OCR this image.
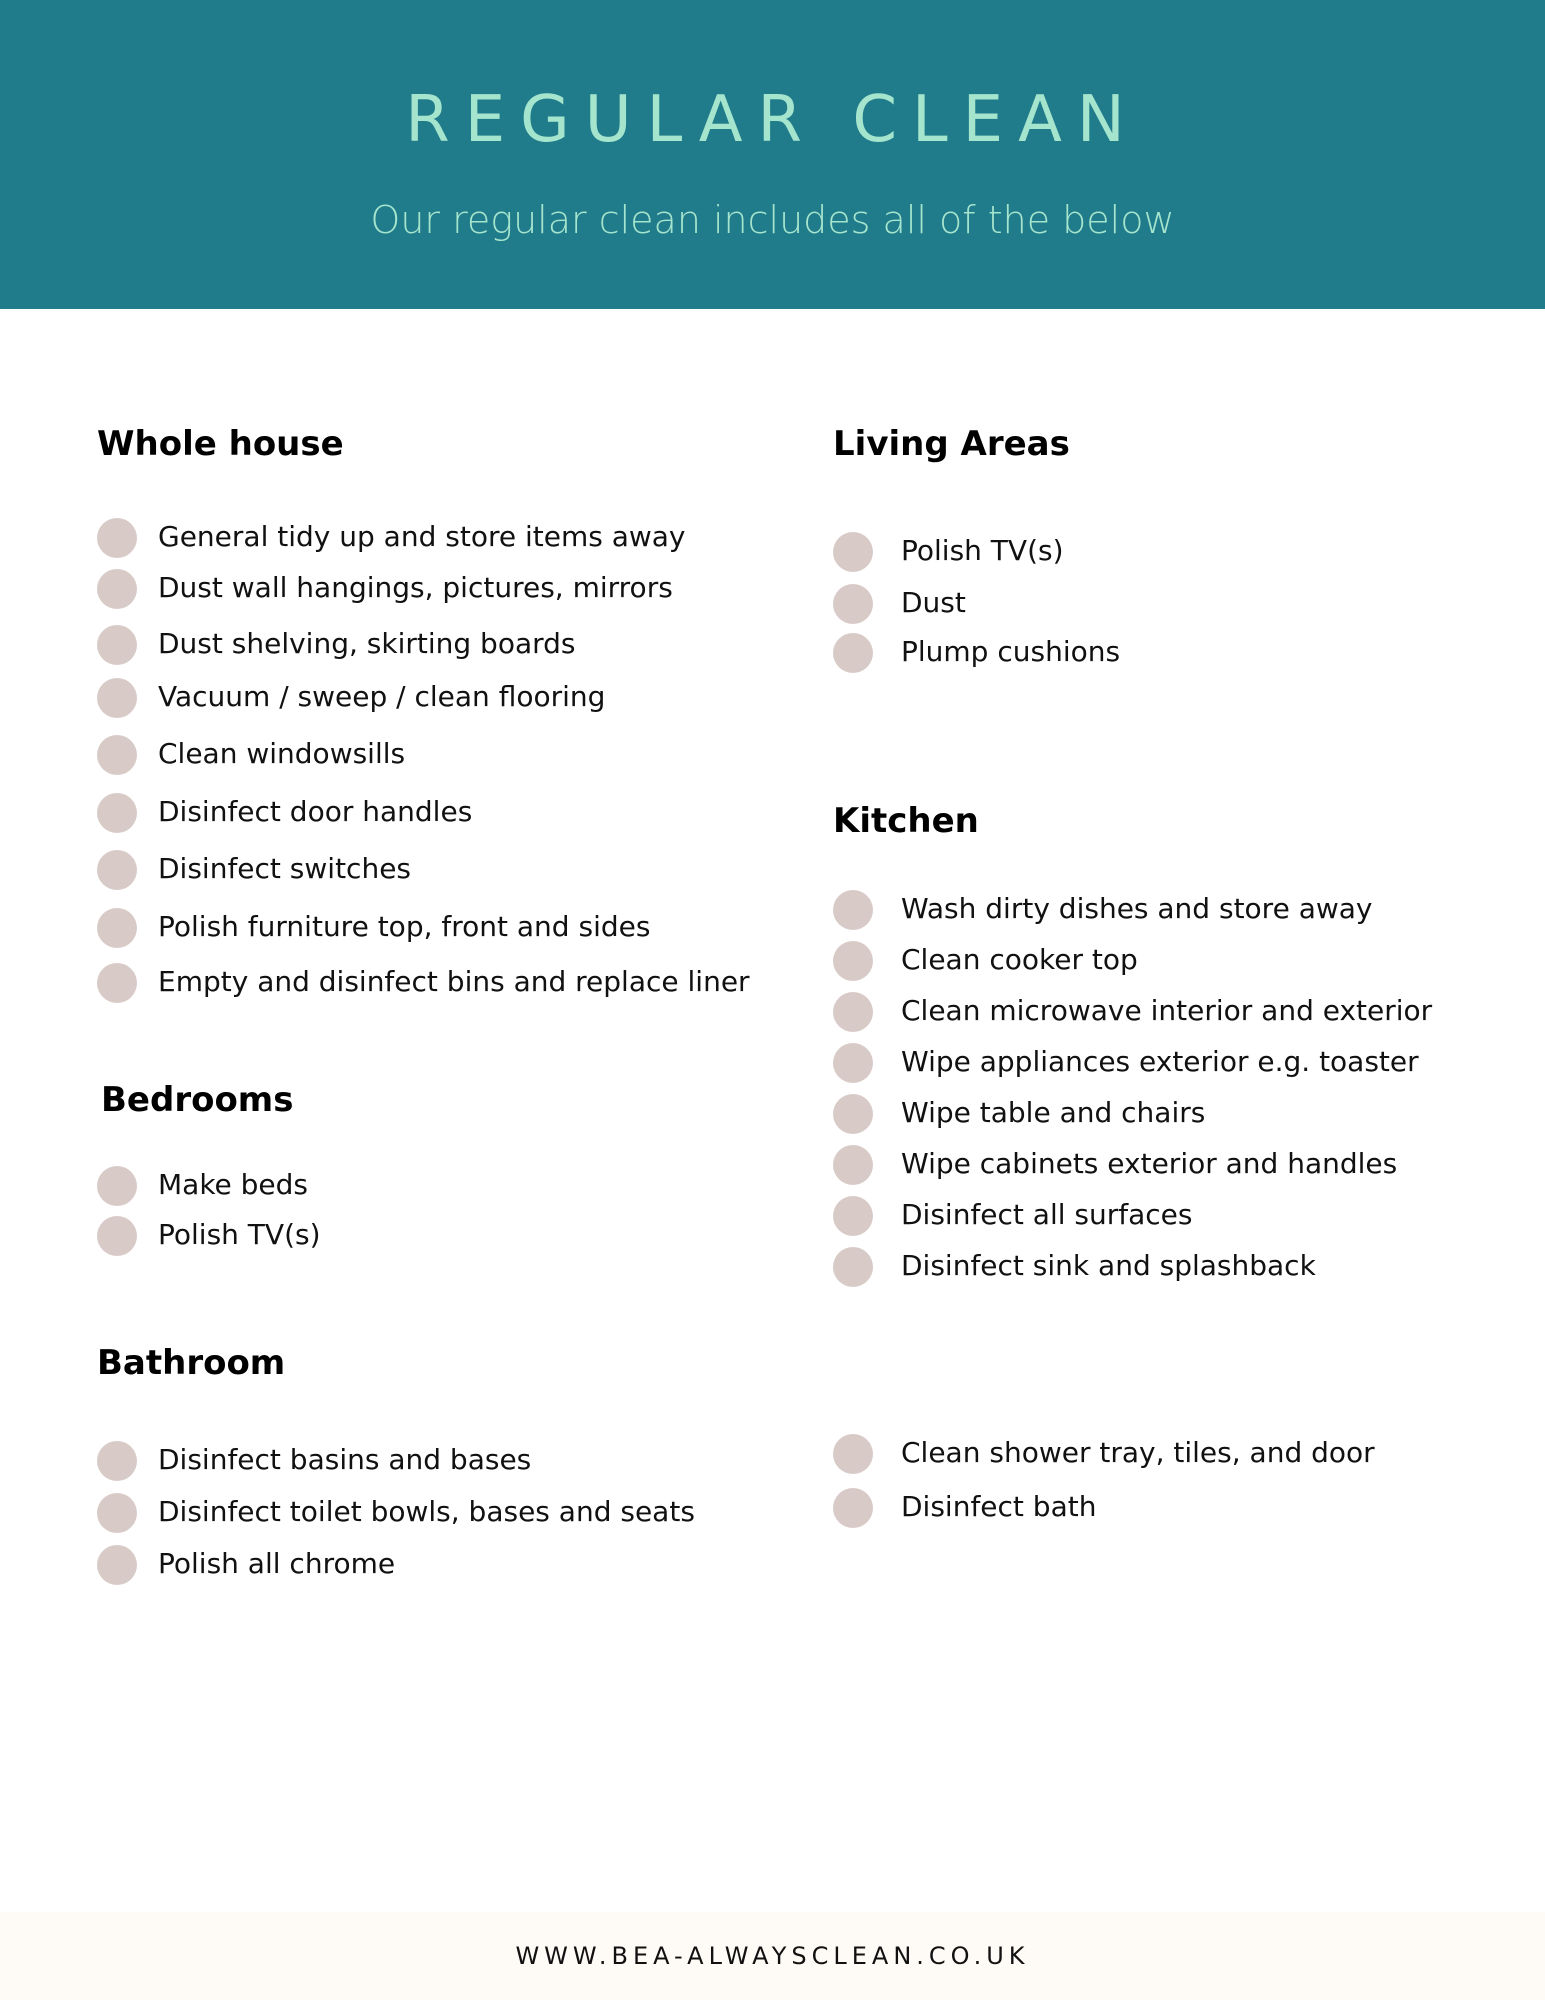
REGULAR CLEAN
Our regular clean includes all of the below
Whole house
General tidy up and store items away
Dust wall hangings, pictures, mirrors
Dust shelving, skirting boards
Vacuum / sweep / clean flooring
Clean windowsills
Disinfect door handles
Disinfect switches
Polish furniture top, front and sides
Empty and disinfect bins and replace liner
Living Areas
Polish TV(s)
Dust
Plump cushions
Kitchen
Wash dirty dishes and store away
Clean cooker top
Clean microwave interior and exterior
Wipe appliances exterior e.g. toaster
Wipe table and chairs
Wipe cabinets exterior and handles
Disinfect all surfaces
Disinfect sink and splashback
Bedrooms
Make beds
Polish TV(s)
Bathroom
Disinfect basins and bases
Disinfect toilet bowls, bases and seats
Polish all chrome
Clean shower tray, tiles, and door
Disinfect bath
WWW.BEA-ALWAYSCLEAN.CO.UK
